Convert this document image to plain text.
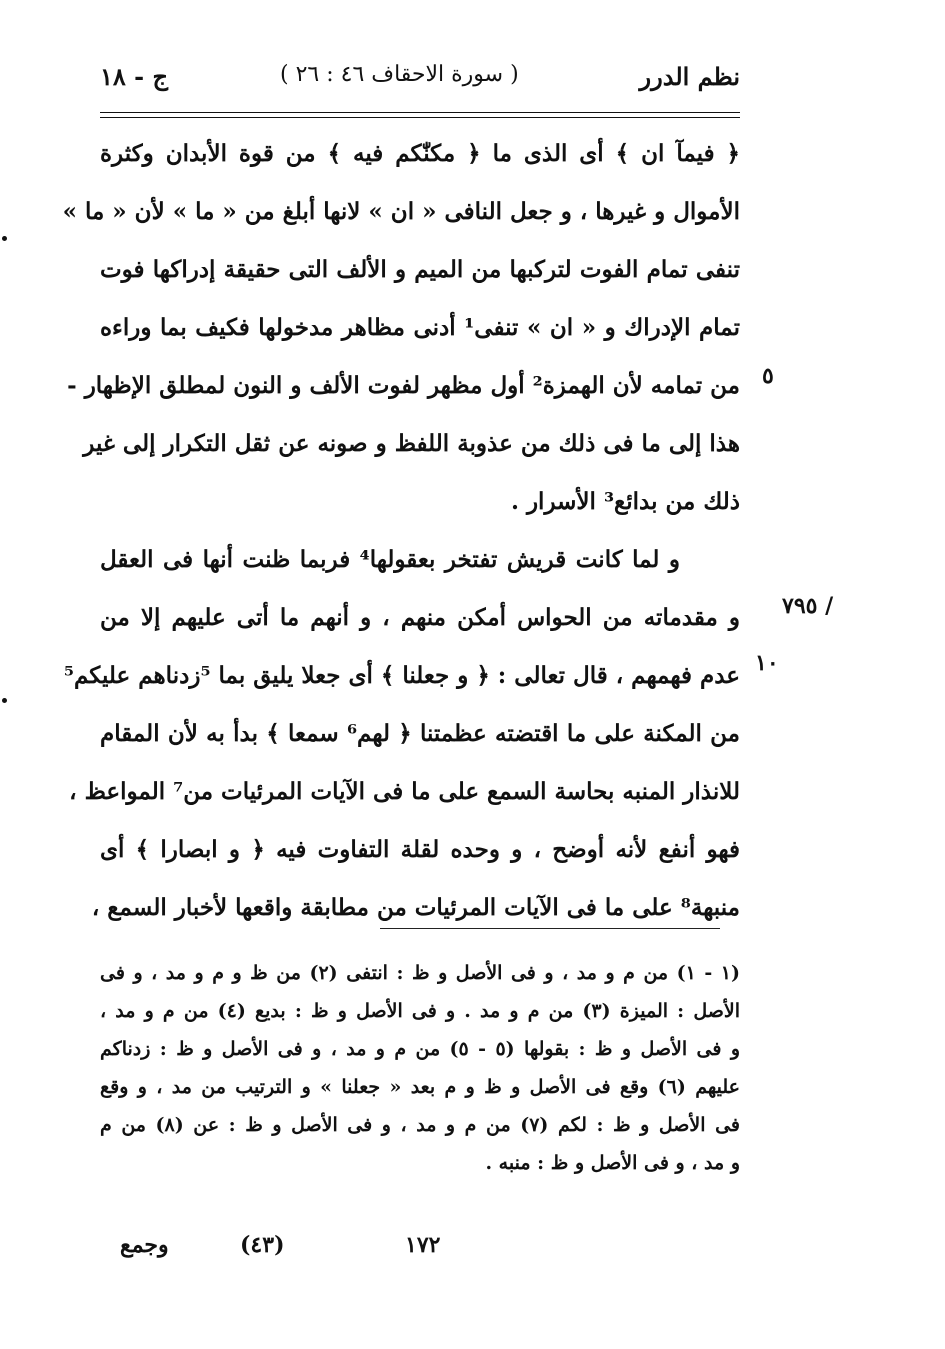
نظم الدرر
( سورة الاحقاف ٤٦ : ٢٦ )
ج - ١٨
﴿ فيمآ ان ﴾ أى الذى ما ﴿ مكنّٰكم فيه ﴾ من قوة الأبدان وكثرة
الأموال و غيرها ، و جعل النافى « ان » لانها أبلغ من « ما » لأن « ما »
تنفى تمام الفوت لتركبها من الميم و الألف التى حقيقة إدراكها فوت
تمام الإدراك و « ان » تنفى¹ أدنى مظاهر مدخولها فكيف بما وراءه
من تمامه لأن الهمزة² أول مظهر لفوت الألف و النون لمطلق الإظهار -
هذا إلى ما فى ذلك من عذوبة اللفظ و صونه عن ثقل التكرار إلى غير
ذلك من بدائع³ الأسرار .
و لما كانت قريش تفتخر بعقولها⁴ فربما ظنت أنها فى العقل
و مقدماته من الحواس أمكن منهم ، و أنهم ما أتى عليهم إلا من
عدم فهمهم ، قال تعالى : ﴿ و جعلنا ﴾ أى جعلا يليق بما ⁵زدناهم عليكم⁵
من المكنة على ما اقتضته عظمتنا ﴿ لهم⁶ سمعا ﴾ بدأ به لأن المقام
للانذار المنبه بحاسة السمع على ما فى الآيات المرئيات من⁷ المواعظ ،
فهو أنفع لأنه أوضح ، و وحده لقلة التفاوت فيه ﴿ و ابصارا ﴾ أى
منبهة⁸ على ما فى الآيات المرئيات من مطابقة واقعها لأخبار السمع ،
٥
١٠
٧٩٥ /
(١ - ١) من م و مد ، و فى الأصل و ظ : انتفى (٢) من ظ و م و مد ، و فى
الأصل : الميزة (٣) من م و مد . و فى الأصل و ظ : بديع (٤) من م و مد ،
و فى الأصل و ظ : بقولها (٥ - ٥) من م و مد ، و فى الأصل و ظ : زدناكم
عليهم (٦) وقع فى الأصل و ظ و م بعد « جعلنا » و الترتيب من مد ، و وقع
فى الأصل و ظ : لكم (٧) من م و مد ، و فى الأصل و ظ : عن (٨) من م
و مد ، و فى الأصل و ظ : منبه .
وجمع	(٤٣)	١٧٢
